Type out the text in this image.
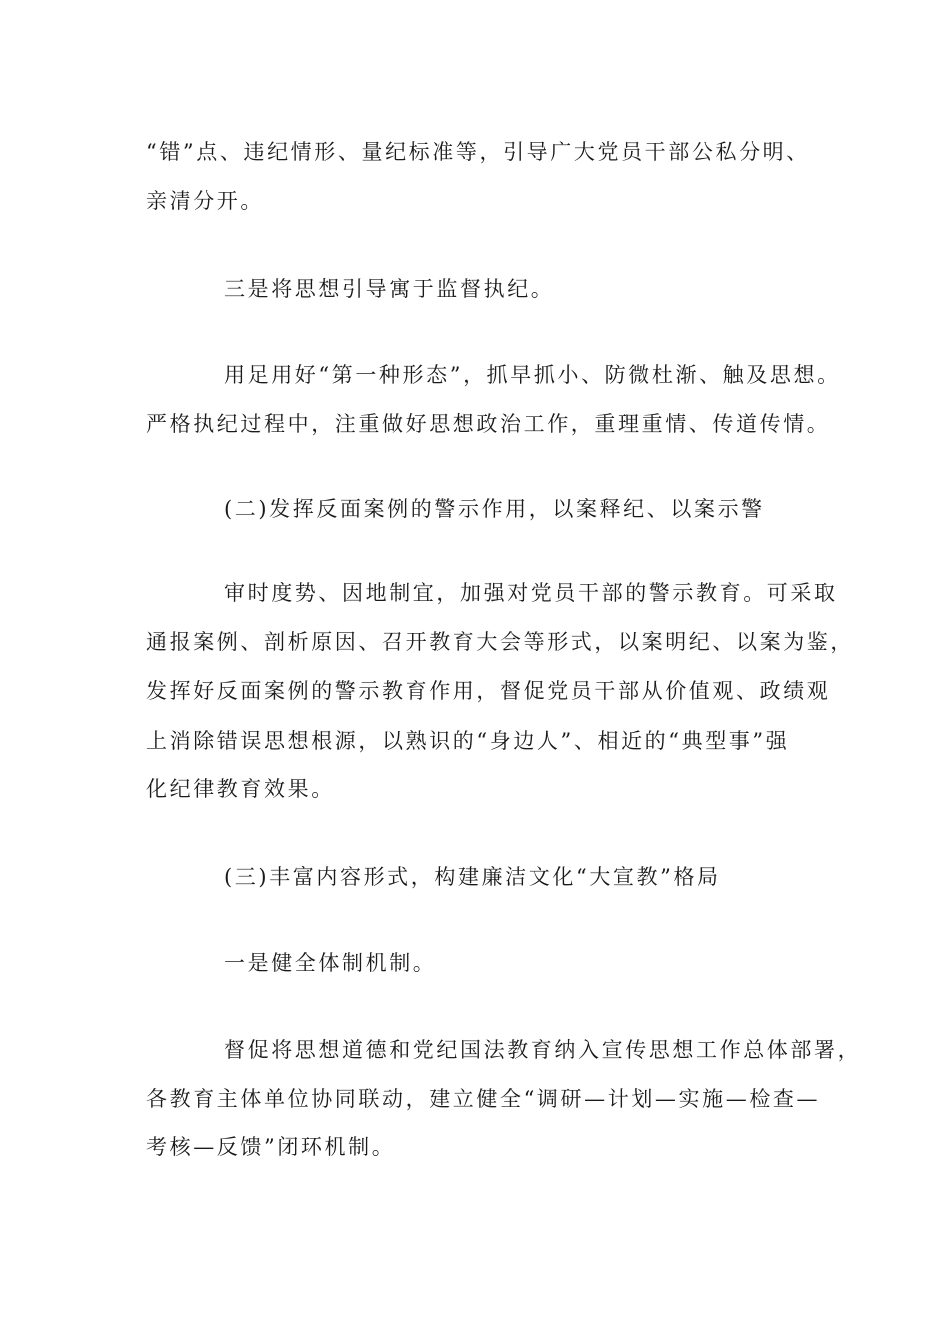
“错”点、违纪情形、量纪标准等，引导广大党员干部公私分明、
亲清分开。
三是将思想引导寓于监督执纪。
用足用好“第一种形态”，抓早抓小、防微杜渐、触及思想。
严格执纪过程中，注重做好思想政治工作，重理重情、传道传情。
(二)发挥反面案例的警示作用，以案释纪、以案示警
审时度势、因地制宜，加强对党员干部的警示教育。可采取
通报案例、剖析原因、召开教育大会等形式，以案明纪、以案为鉴，
发挥好反面案例的警示教育作用，督促党员干部从价值观、政绩观
上消除错误思想根源，以熟识的“身边人”、相近的“典型事”强
化纪律教育效果。
(三)丰富内容形式，构建廉洁文化“大宣教”格局
一是健全体制机制。
督促将思想道德和党纪国法教育纳入宣传思想工作总体部署，
各教育主体单位协同联动，建立健全“调研—计划—实施—检查—
考核—反馈”闭环机制。
